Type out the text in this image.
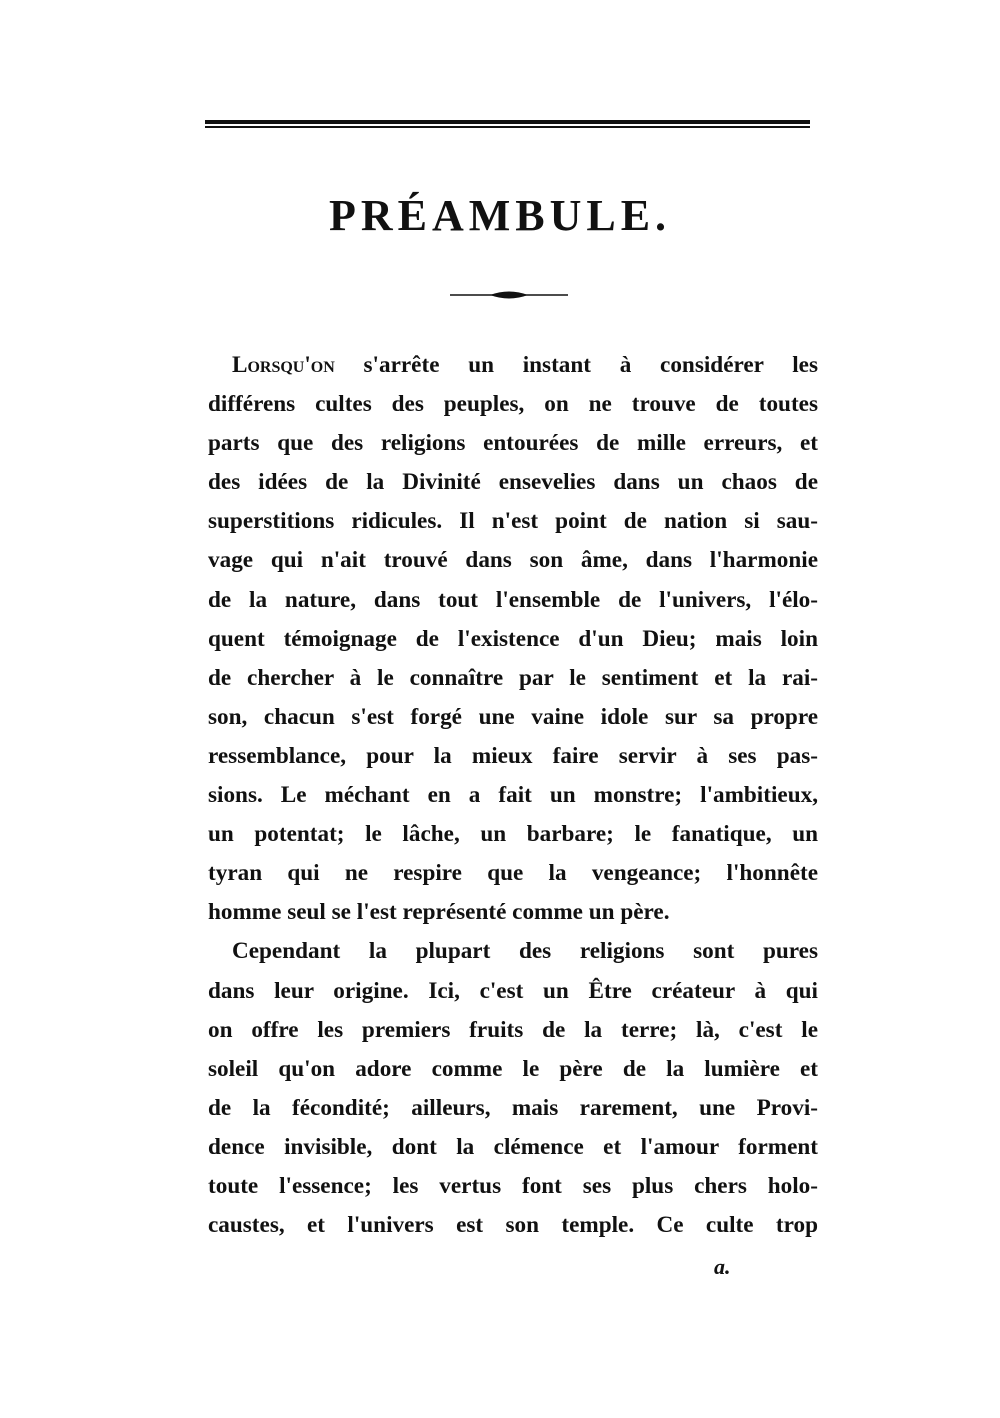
PRÉAMBULE.
Lorsqu'on s'arrête un instant à considérer les
différens cultes des peuples, on ne trouve de toutes
parts que des religions entourées de mille erreurs, et
des idées de la Divinité ensevelies dans un chaos de
superstitions ridicules. Il n'est point de nation si sau-
vage qui n'ait trouvé dans son âme, dans l'harmonie
de la nature, dans tout l'ensemble de l'univers, l'élo-
quent témoignage de l'existence d'un Dieu; mais loin
de chercher à le connaître par le sentiment et la rai-
son, chacun s'est forgé une vaine idole sur sa propre
ressemblance, pour la mieux faire servir à ses pas-
sions. Le méchant en a fait un monstre; l'ambitieux,
un potentat; le lâche, un barbare; le fanatique, un
tyran qui ne respire que la vengeance; l'honnête
homme seul se l'est représenté comme un père.
Cependant la plupart des religions sont pures
dans leur origine. Ici, c'est un Être créateur à qui
on offre les premiers fruits de la terre; là, c'est le
soleil qu'on adore comme le père de la lumière et
de la fécondité; ailleurs, mais rarement, une Provi-
dence invisible, dont la clémence et l'amour forment
toute l'essence; les vertus font ses plus chers holo-
caustes, et l'univers est son temple. Ce culte trop
a.
